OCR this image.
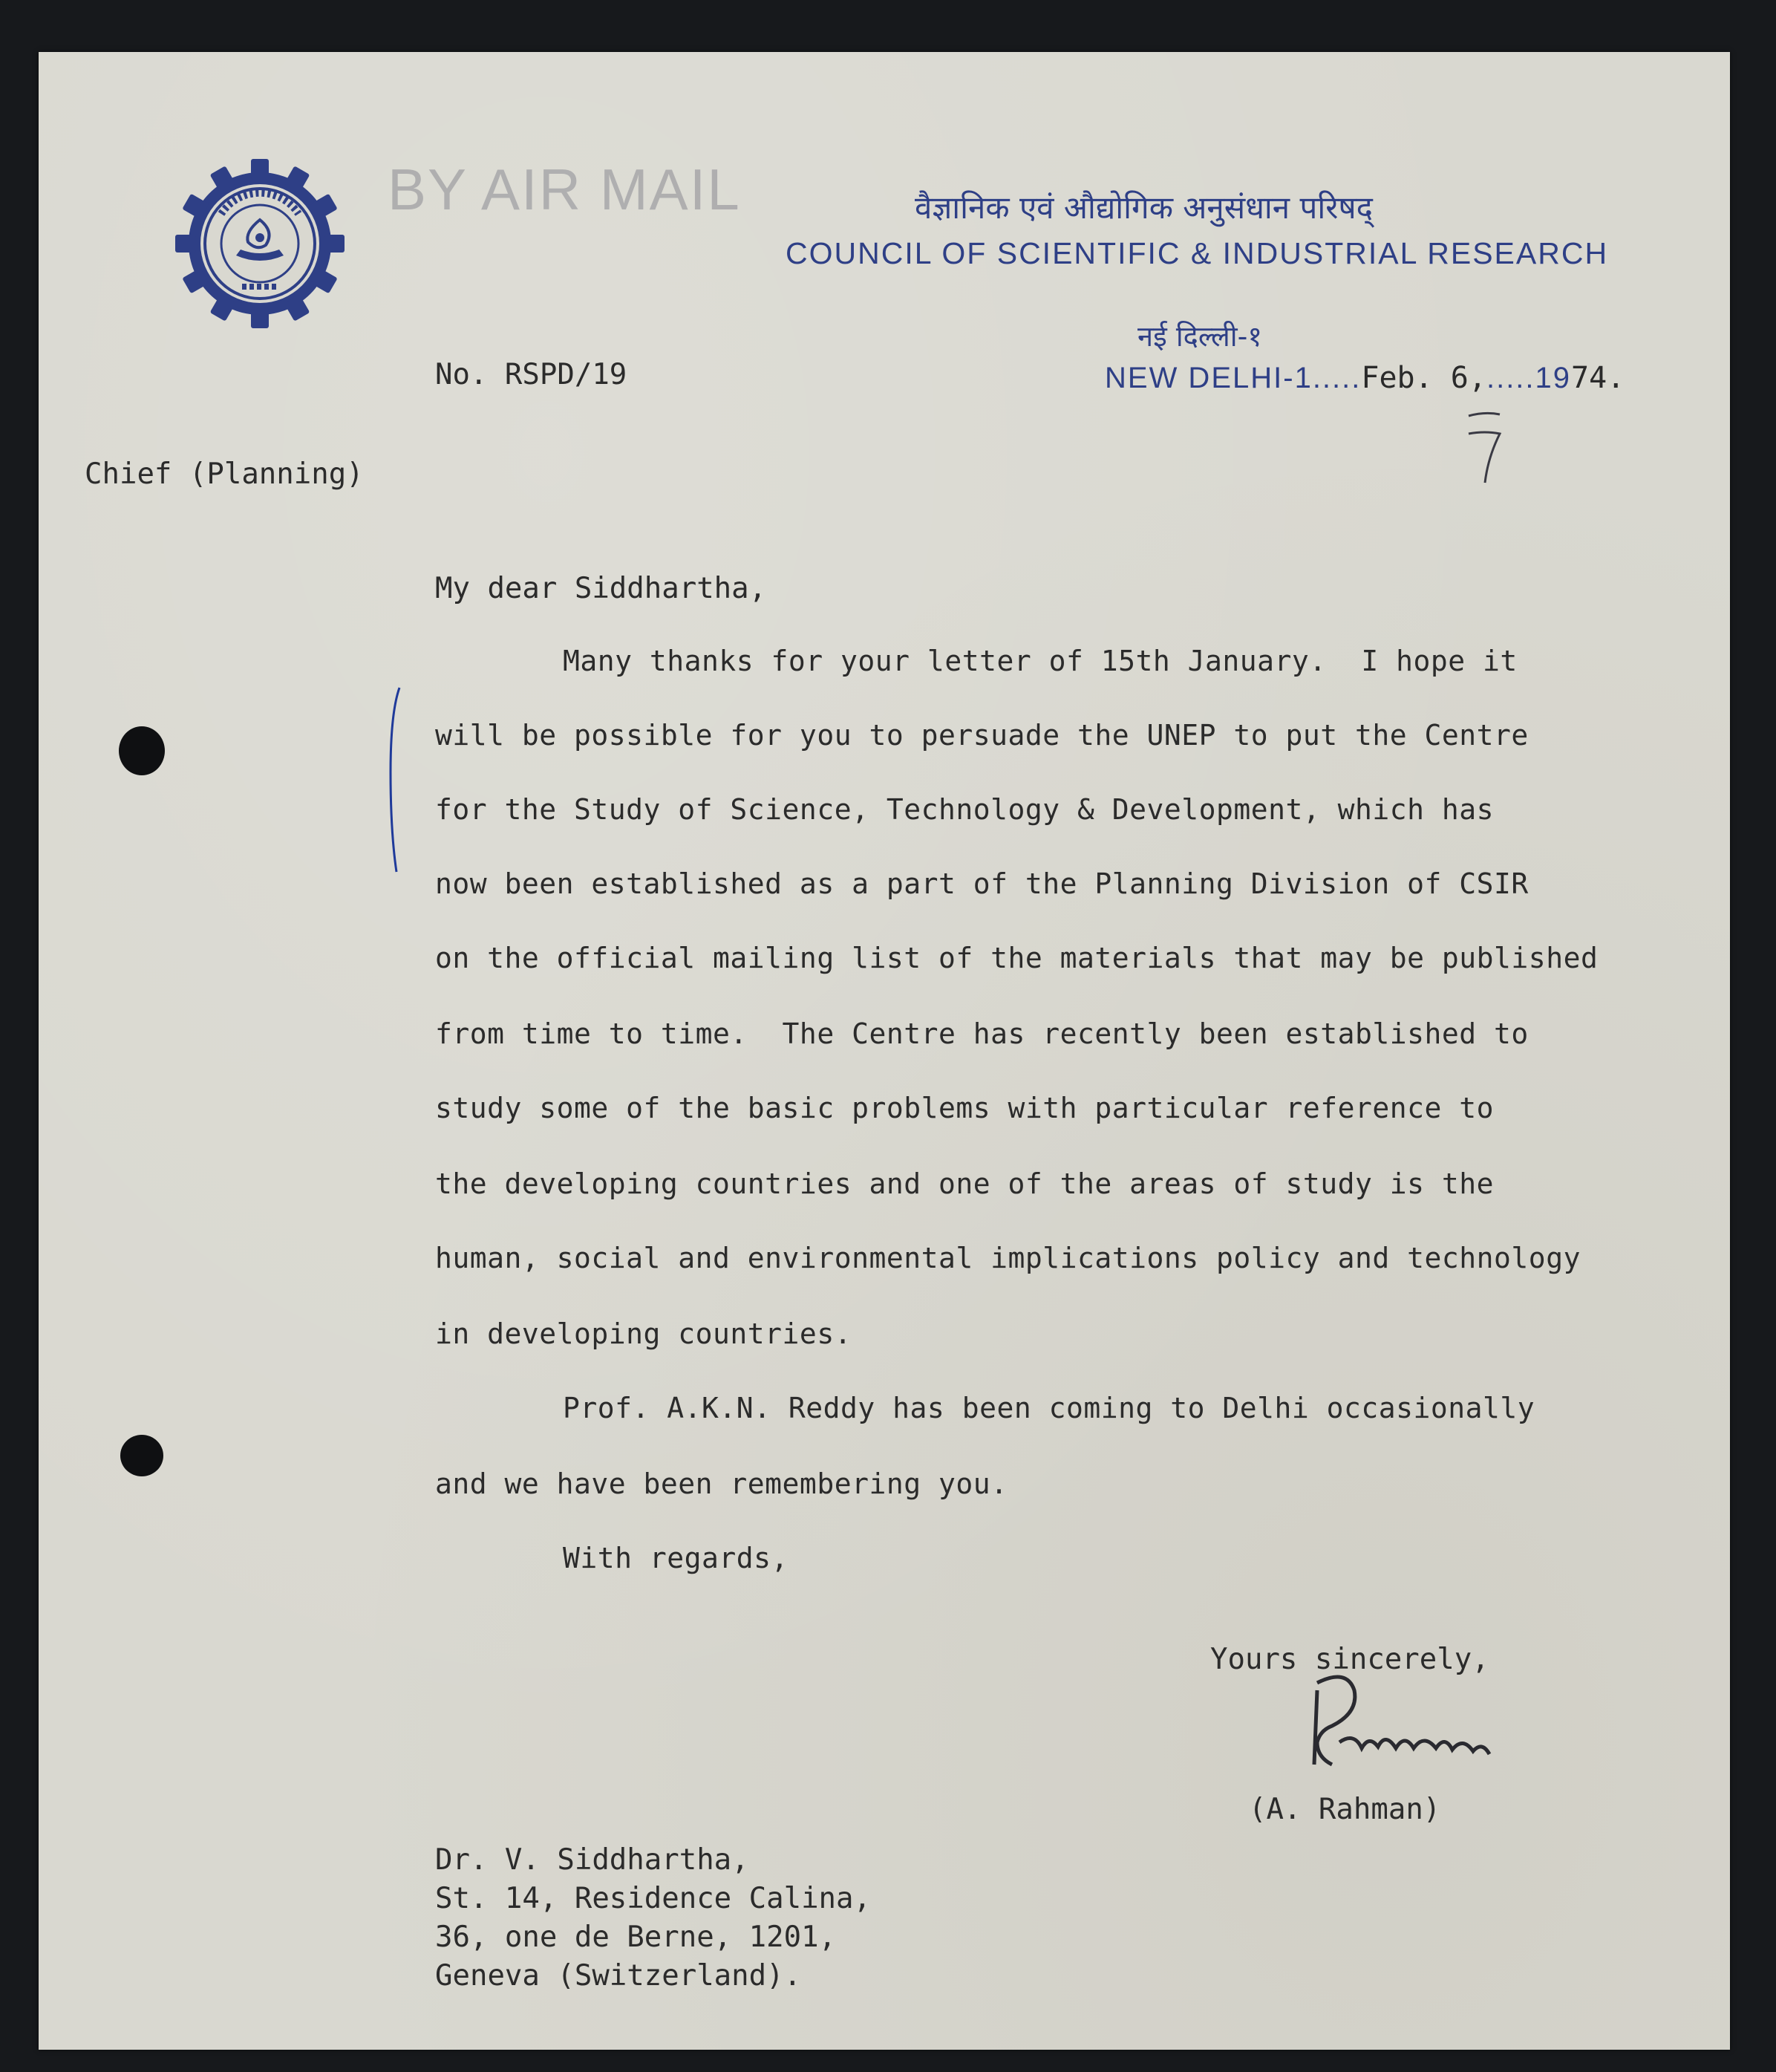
BY AIR MAIL	वैज्ञानिक एवं औद्योगिक अनुसंधान परिषद्
COUNCIL OF SCIENTIFIC & INDUSTRIAL RESEARCH
नई दिल्ली-१
NEW DELHI-1.....Feb. 6,.....1974.
No. RSPD/19
Chief (Planning)
My dear Siddhartha,
Many thanks for your letter of 15th January.  I hope it
will be possible for you to persuade the UNEP to put the Centre
for the Study of Science, Technology & Development, which has
now been established as a part of the Planning Division of CSIR
on the official mailing list of the materials that may be published
from time to time.  The Centre has recently been established to
study some of the basic problems with particular reference to
the developing countries and one of the areas of study is the
human, social and environmental implications policy and technology
in developing countries.
Prof. A.K.N. Reddy has been coming to Delhi occasionally
and we have been remembering you.
With regards,
Yours sincerely,
(A. Rahman)
Dr. V. Siddhartha,
St. 14, Residence Calina,
36, one de Berne, 1201,
Geneva (Switzerland).
